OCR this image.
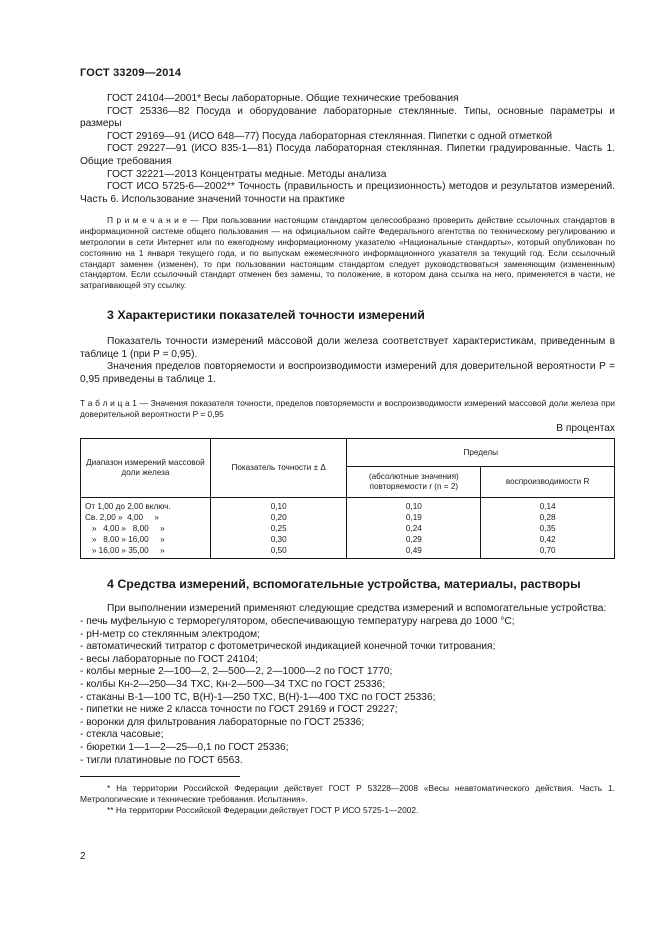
ГОСТ 33209—2014

ГОСТ 24104—2001* Весы лабораторные. Общие технические требования

ГОСТ 25336—82 Посуда и оборудование лабораторные стеклянные. Типы, основные параметры и размеры

ГОСТ 29169—91 (ИСО 648—77) Посуда лабораторная стеклянная. Пипетки с одной отметкой

ГОСТ 29227—91 (ИСО 835-1—81) Посуда лабораторная стеклянная. Пипетки градуированные. Часть 1. Общие требования

ГОСТ 32221—2013 Концентраты медные. Методы анализа

ГОСТ ИСО 5725-6—2002** Точность (правильность и прецизионность) методов и результатов измерений. Часть 6. Использование значений точности на практике

П р и м е ч а н и е — При пользовании настоящим стандартом целесообразно проверить действие ссылочных стандартов в информационной системе общего пользования — на официальном сайте Федерального агентства по техническому регулированию и метрологии в сети Интернет или по ежегодному информационному указателю «Национальные стандарты», который опубликован по состоянию на 1 января текущего года, и по выпускам ежемесячного информационного указателя за текущий год. Если ссылочный стандарт заменен (изменен), то при пользовании настоящим стандартом следует руководствоваться заменяющим (измененным) стандартом. Если ссылочный стандарт отменен без замены, то положение, в котором дана ссылка на него, применяется в части, не затрагивающей эту ссылку.

3 Характеристики показателей точности измерений

Показатель точности измерений массовой доли железа соответствует характеристикам, приведенным в таблице 1 (при P = 0,95).

Значения пределов повторяемости и воспроизводимости измерений для доверительной вероятности P = 0,95 приведены в таблице 1.

Т а б л и ц а 1 — Значения показателя точности, пределов повторяемости и воспроизводимости измерений массовой доли железа при доверительной вероятности P = 0,95

В процентах

Диапазон измерений массовой доли железа	Показатель точности ± Δ	Пределы	
		(абсолютные значения) повторяемости r (n = 2)	воспроизводимости R
От 1,00 до 2,00 включ.	0,10	0,10	0,14
Св. 2,00 »  4,00     »	0,20	0,19	0,28
»   4,00 »   8,00     »	0,25	0,24	0,35
»   8,00 » 16,00     »	0,30	0,29	0,42
» 16,00 » 35,00     »	0,50	0,49	0,70
4 Средства измерений, вспомогательные устройства, материалы, растворы

При выполнении измерений применяют следующие средства измерений и вспомогательные устройства:

- печь муфельную с терморегулятором, обеспечивающую температуру нагрева до 1000 °С;

- рН-метр со стеклянным электродом;

- автоматический титратор с фотометрической индикацией конечной точки титрования;

- весы лабораторные по ГОСТ 24104;

- колбы мерные 2—100—2, 2—500—2, 2—1000—2 по ГОСТ 1770;

- колбы Кн-2—250—34 ТХС, Кн-2—500—34 ТХС по ГОСТ 25336;

- стаканы В-1—100 ТС, В(Н)-1—250 ТХС, В(Н)-1—400 ТХС по ГОСТ 25336;

- пипетки не ниже 2 класса точности по ГОСТ 29169 и ГОСТ 29227;

- воронки для фильтрования лабораторные по ГОСТ 25336;

- стекла часовые;

- бюретки 1—1—2—25—0,1 по ГОСТ 25336;

- тигли платиновые по ГОСТ 6563.

* На территории Российской Федерации действует ГОСТ Р 53228—2008 «Весы неавтоматического действия. Часть 1. Метрологические и технические требования. Испытания».

** На территории Российской Федерации действует ГОСТ Р ИСО 5725-1—2002.

2
